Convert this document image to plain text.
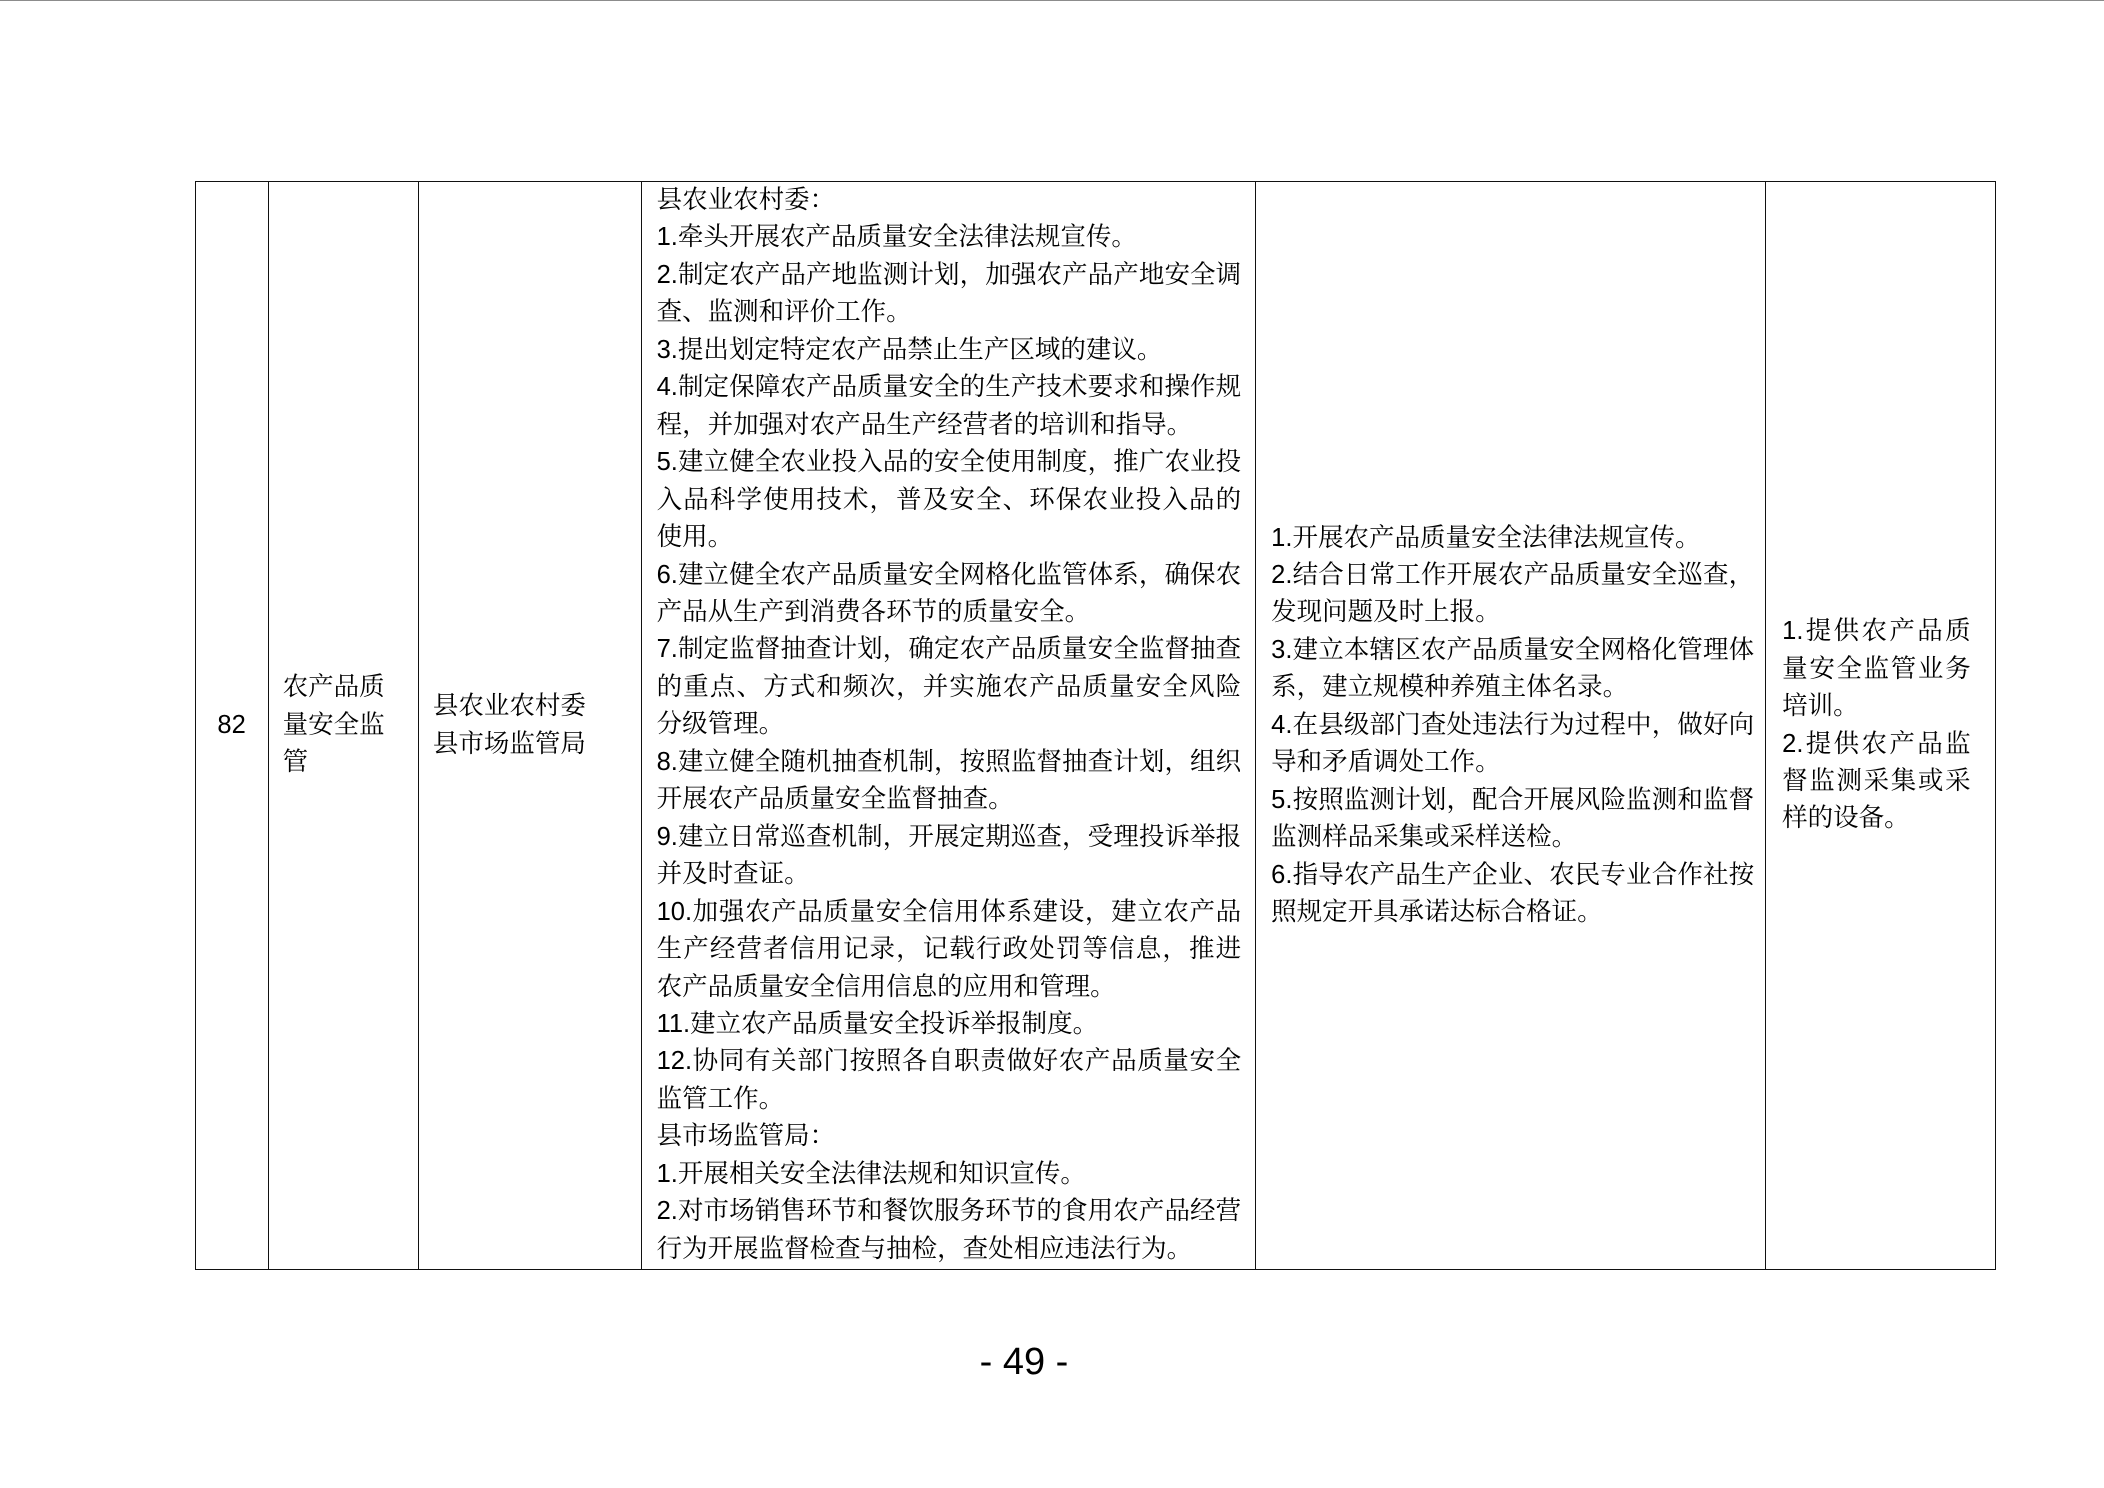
82

农产品质量安全监管

县农业农村委

县市场监管局

县农业农村委：

1.牵头开展农产品质量安全法律法规宣传。

2.制定农产品产地监测计划，加强农产品产地安全调查、监测和评价工作。

3.提出划定特定农产品禁止生产区域的建议。

4.制定保障农产品质量安全的生产技术要求和操作规程，并加强对农产品生产经营者的培训和指导。

5.建立健全农业投入品的安全使用制度，推广农业投入品科学使用技术，普及安全、环保农业投入品的使用。

6.建立健全农产品质量安全网格化监管体系，确保农产品从生产到消费各环节的质量安全。

7.制定监督抽查计划，确定农产品质量安全监督抽查的重点、方式和频次，并实施农产品质量安全风险分级管理。

8.建立健全随机抽查机制，按照监督抽查计划，组织开展农产品质量安全监督抽查。

9.建立日常巡查机制，开展定期巡查，受理投诉举报并及时查证。

10.加强农产品质量安全信用体系建设，建立农产品生产经营者信用记录，记载行政处罚等信息，推进农产品质量安全信用信息的应用和管理。

11.建立农产品质量安全投诉举报制度。

12.协同有关部门按照各自职责做好农产品质量安全监管工作。

县市场监管局：

1.开展相关安全法律法规和知识宣传。

2.对市场销售环节和餐饮服务环节的食用农产品经营行为开展监督检查与抽检，查处相应违法行为。

1.开展农产品质量安全法律法规宣传。

2.结合日常工作开展农产品质量安全巡查，发现问题及时上报。

3.建立本辖区农产品质量安全网格化管理体系，建立规模种养殖主体名录。

4.在县级部门查处违法行为过程中，做好向导和矛盾调处工作。

5.按照监测计划，配合开展风险监测和监督监测样品采集或采样送检。

6.指导农产品生产企业、农民专业合作社按照规定开具承诺达标合格证。

1.提供农产品质量安全监管业务培训。

2.提供农产品监督监测采集或采样的设备。

- 49 -
